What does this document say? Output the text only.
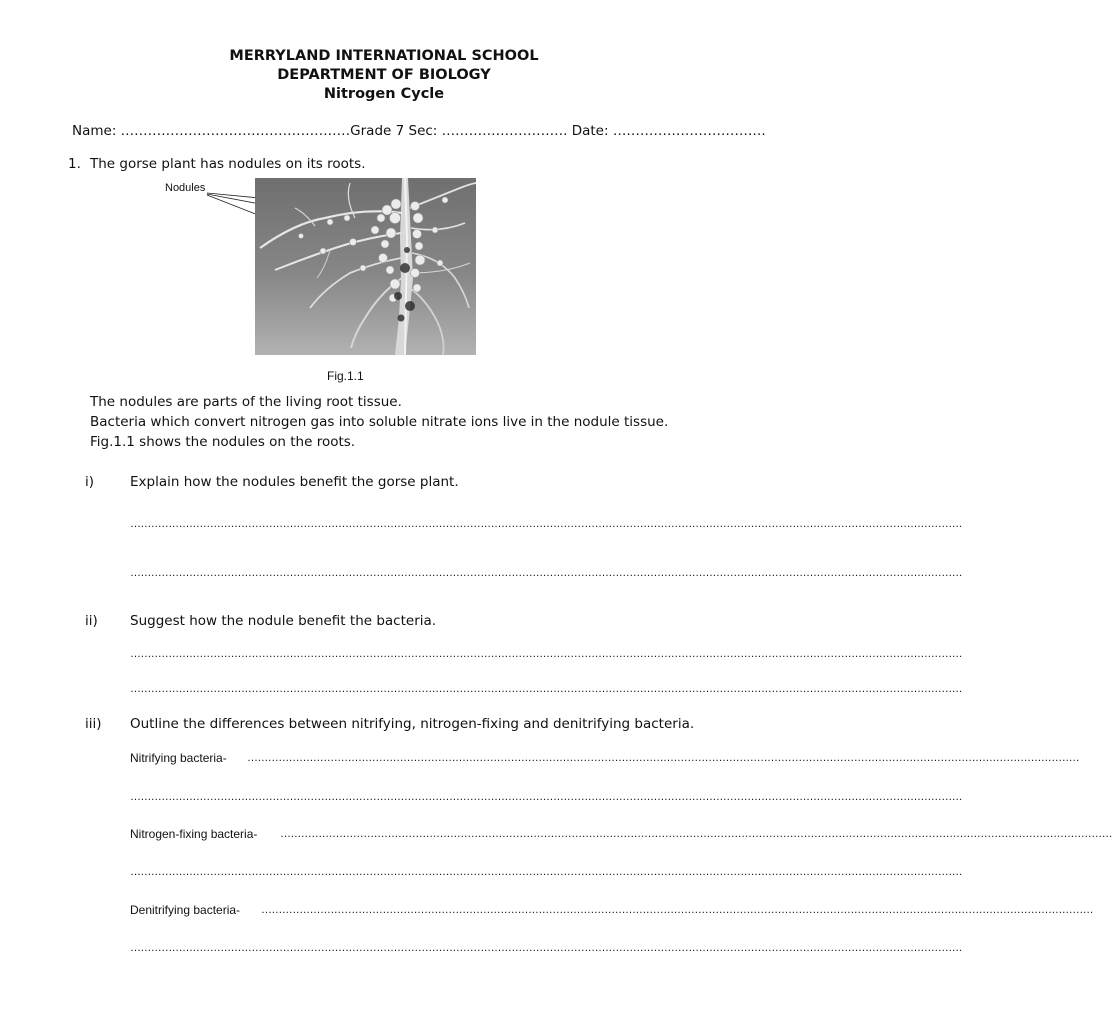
MERRYLAND INTERNATIONAL SCHOOL
DEPARTMENT OF BIOLOGY
Nitrogen Cycle
Name: ……………………………………………Grade 7 Sec: ………………………. Date: …………………………….
1. The gorse plant has nodules on its roots.
Nodules
Fig.1.1
The nodules are parts of the living root tissue.
Bacteria which convert nitrogen gas into soluble nitrate ions live in the nodule tissue.
Fig.1.1 shows the nodules on the roots.
i)	Explain how the nodules benefit the gorse plant.
……………………………………………………………………………………………………………………………………………………………………………………………………………………
……………………………………………………………………………………………………………………………………………………………………………………………………………………
ii) Suggest how the nodule benefit the bacteria.
……………………………………………………………………………………………………………………………………………………………………………………………………………………
……………………………………………………………………………………………………………………………………………………………………………………………………………………
iii) Outline the differences between nitrifying, nitrogen-fixing and denitrifying bacteria.
Nitrifying bacteria- ……………………………………………………………………………………………………………………………………………………………………………………………………………………
……………………………………………………………………………………………………………………………………………………………………………………………………………………
Nitrogen-fixing bacteria- ……………………………………………………………………………………………………………………………………………………………………………………………………………………
……………………………………………………………………………………………………………………………………………………………………………………………………………………
Denitrifying bacteria- ……………………………………………………………………………………………………………………………………………………………………………………………………………………
……………………………………………………………………………………………………………………………………………………………………………………………………………………
